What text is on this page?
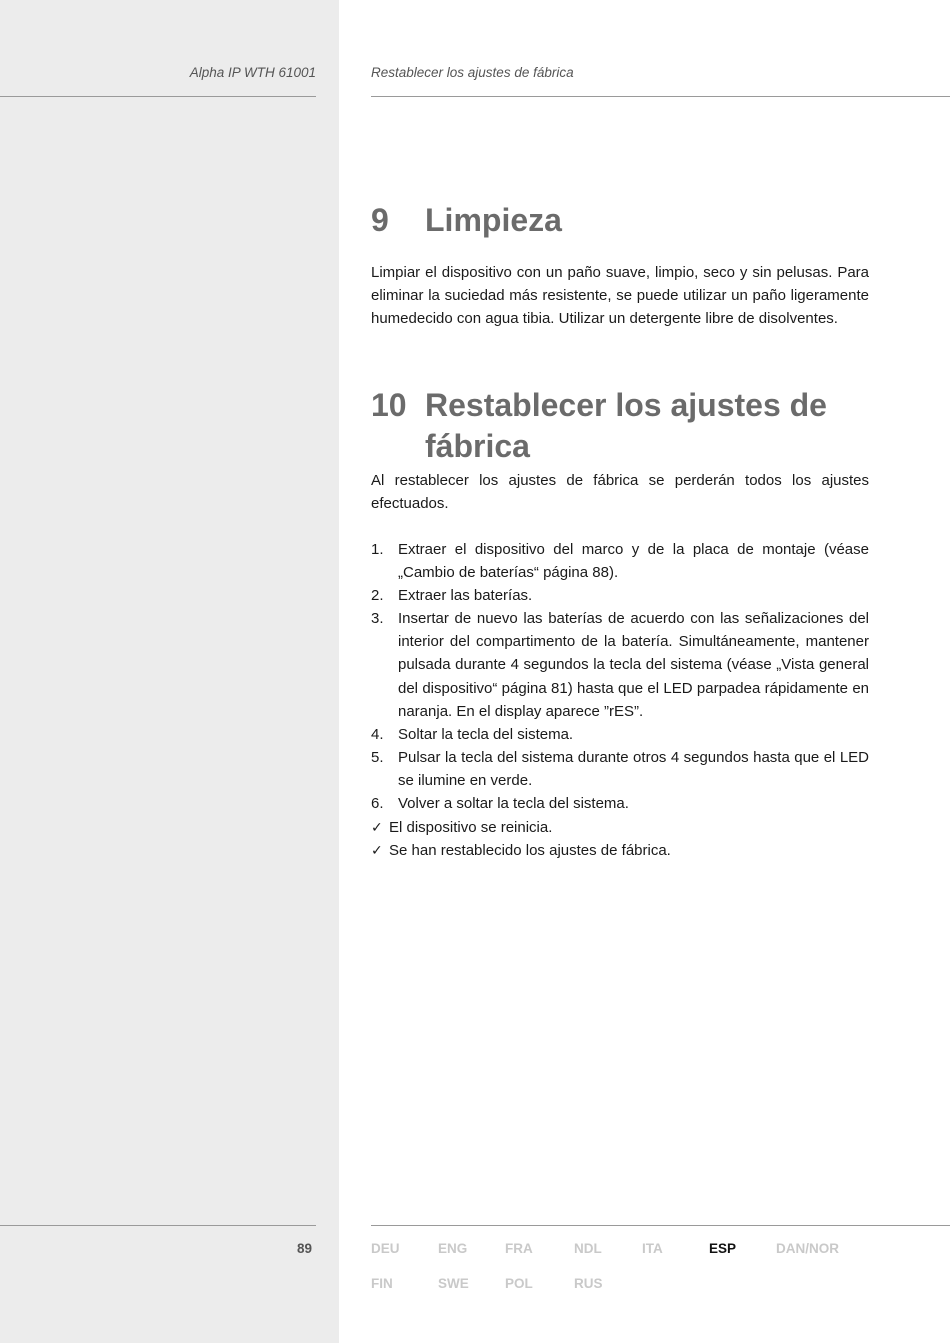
Alpha IP WTH 61001	Restablecer los ajustes de fábrica
9 Limpieza

Limpiar el dispositivo con un paño suave, limpio, seco y sin pelusas. Para eliminar la suciedad más resistente, se puede utilizar un paño ligeramente humedecido con agua tibia. Utilizar un detergente libre de disolventes.

10 Restablecer los ajustes de fábrica

Al restablecer los ajustes de fábrica se perderán todos los ajustes efectuados.

1. Extraer el dispositivo del marco y de la placa de montaje (véase „Cambio de baterías“ página 88).
2. Extraer las baterías.
3. Insertar de nuevo las baterías de acuerdo con las señalizaciones del interior del compartimento de la batería. Simultáneamente, mantener pulsada durante 4 segundos la tecla del sistema (véase „Vista general del dispositivo“ página 81) hasta que el LED parpadea rápidamente en naranja. En el display aparece ”rES”.
4. Soltar la tecla del sistema.
5. Pulsar la tecla del sistema durante otros 4 segundos hasta que el LED se ilumine en verde.
6. Volver a soltar la tecla del sistema.
✓ El dispositivo se reinicia.
✓ Se han restablecido los ajustes de fábrica.
89	DEU	ENG	FRA	NDL	ITA	ESP	DAN/NOR
FIN	SWE	POL	RUS
